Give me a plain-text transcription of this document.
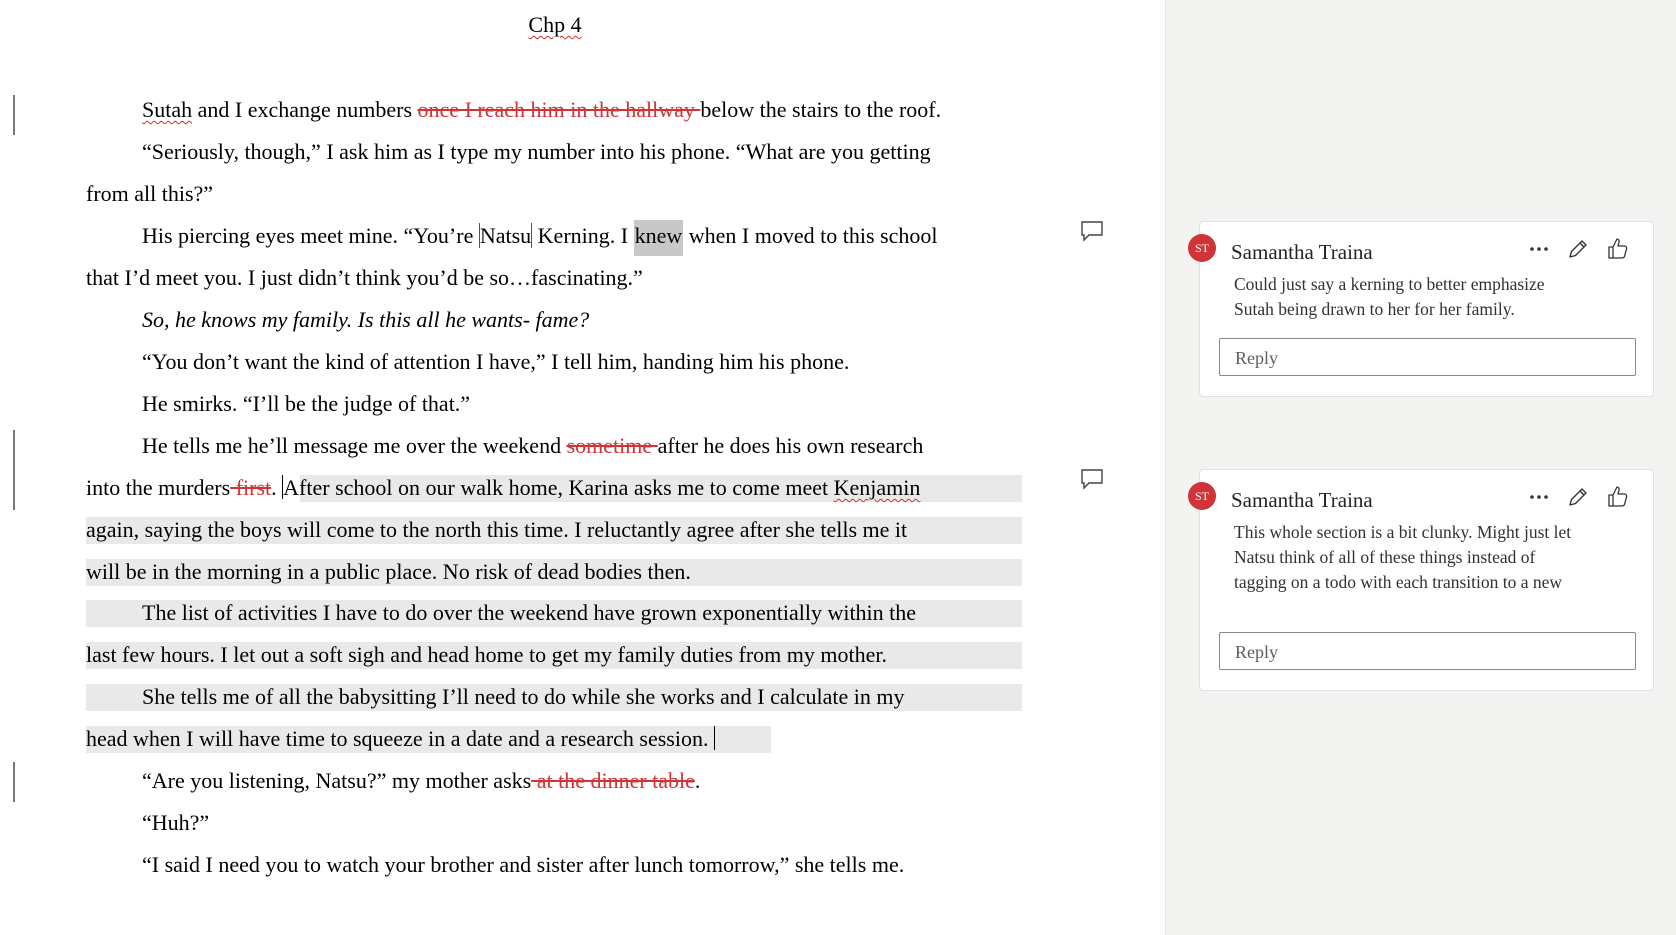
Chp 4
Sutah and I exchange numbers once I reach him in the hallway below the stairs to the roof.
“Seriously, though,” I ask him as I type my number into his phone. “What are you getting
from all this?”
His piercing eyes meet mine. “You’re Natsu Kerning. I knew when I moved to this school
that I’d meet you. I just didn’t think you’d be so…fascinating.”
So, he knows my family. Is this all he wants- fame?
“You don’t want the kind of attention I have,” I tell him, handing him his phone.
He smirks. “I’ll be the judge of that.”
He tells me he’ll message me over the weekend sometime after he does his own research
into the murders first. After school on our walk home, Karina asks me to come meet Kenjamin
again, saying the boys will come to the north this time. I reluctantly agree after she tells me it
will be in the morning in a public place. No risk of dead bodies then.
The list of activities I have to do over the weekend have grown exponentially within the
last few hours. I let out a soft sigh and head home to get my family duties from my mother.
She tells me of all the babysitting I’ll need to do while she works and I calculate in my
head when I will have time to squeeze in a date and a research session.
“Are you listening, Natsu?” my mother asks at the dinner table.
“Huh?”
“I said I need you to watch your brother and sister after lunch tomorrow,” she tells me.
ST	Samantha Traina
Could just say a kerning to better emphasize
Sutah being drawn to her for her family.
Reply
ST	Samantha Traina
This whole section is a bit clunky. Might just let
Natsu think of all of these things instead of
tagging on a todo with each transition to a new
Reply
